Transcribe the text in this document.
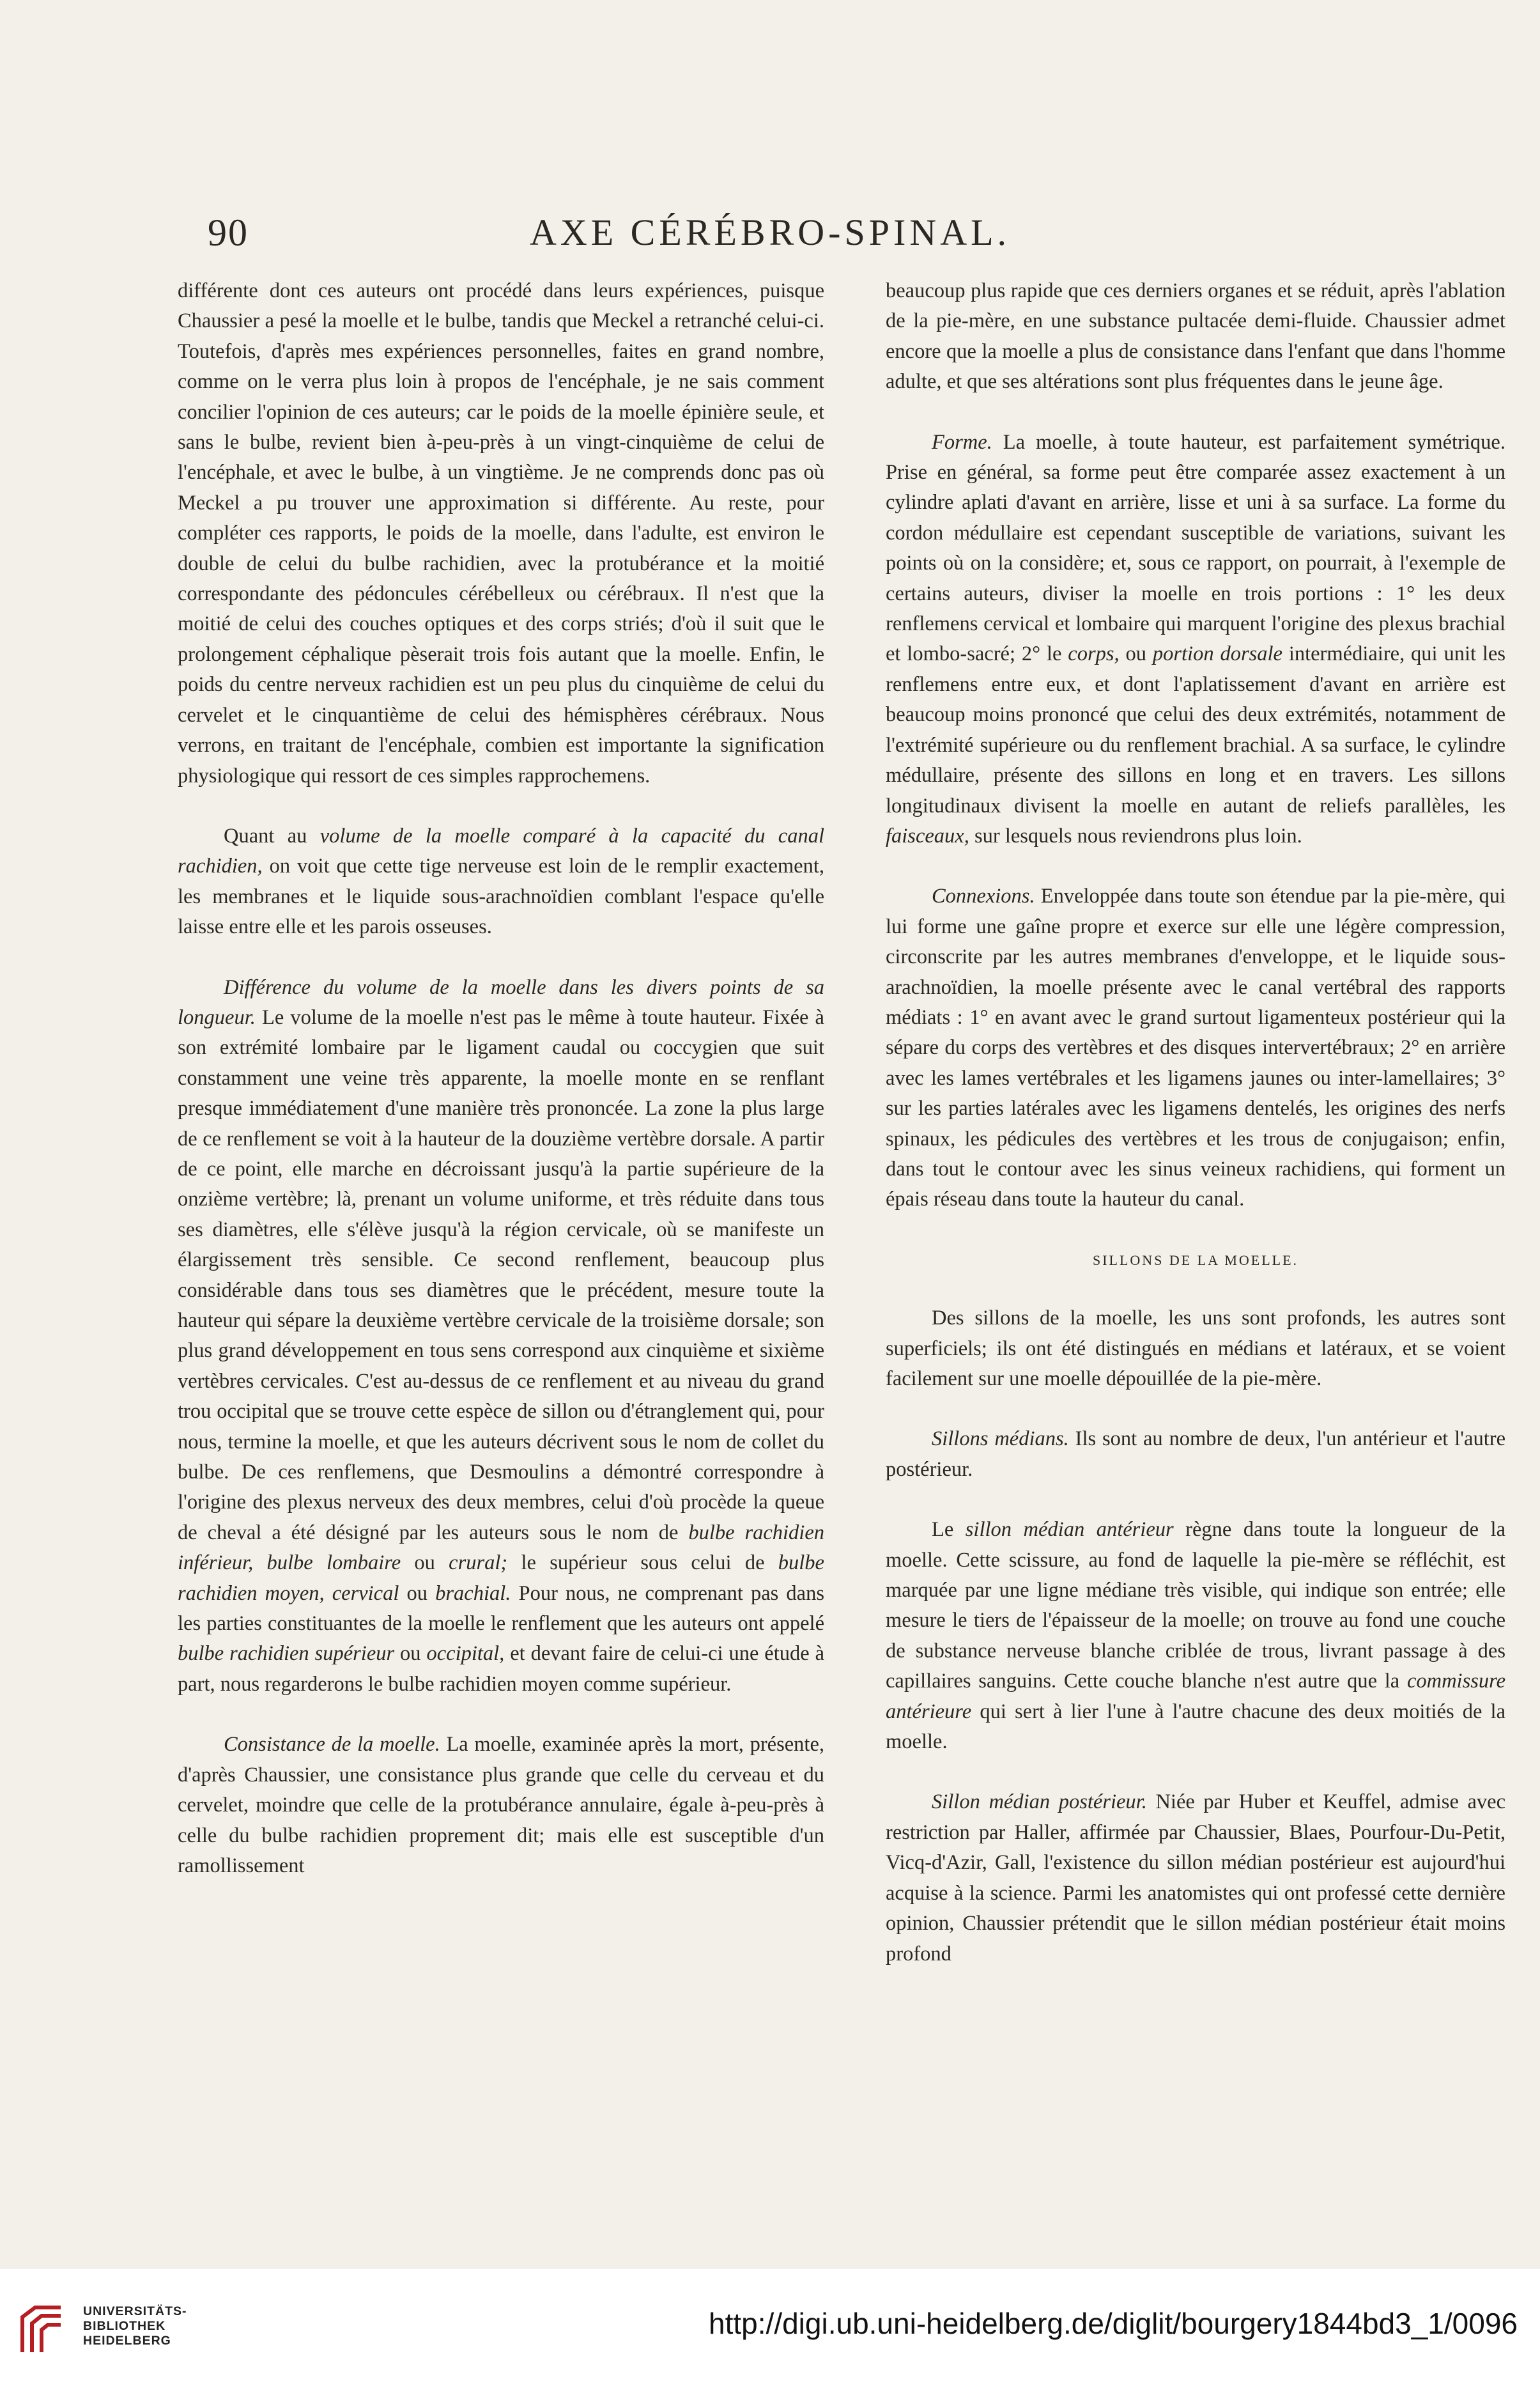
90	AXE CÉRÉBRO-SPINAL.

différente dont ces auteurs ont procédé dans leurs expériences, puisque Chaussier a pesé la moelle et le bulbe, tandis que Meckel a retranché celui-ci. Toutefois, d'après mes expériences personnelles, faites en grand nombre, comme on le verra plus loin à propos de l'encéphale, je ne sais comment concilier l'opinion de ces auteurs; car le poids de la moelle épinière seule, et sans le bulbe, revient bien à-peu-près à un vingt-cinquième de celui de l'encéphale, et avec le bulbe, à un vingtième. Je ne comprends donc pas où Meckel a pu trouver une approximation si différente. Au reste, pour compléter ces rapports, le poids de la moelle, dans l'adulte, est environ le double de celui du bulbe rachidien, avec la protubérance et la moitié correspondante des pédoncules cérébelleux ou cérébraux. Il n'est que la moitié de celui des couches optiques et des corps striés; d'où il suit que le prolongement céphalique pèserait trois fois autant que la moelle. Enfin, le poids du centre nerveux rachidien est un peu plus du cinquième de celui du cervelet et le cinquantième de celui des hémisphères cérébraux. Nous verrons, en traitant de l'encéphale, combien est importante la signification physiologique qui ressort de ces simples rapprochemens.

Quant au volume de la moelle comparé à la capacité du canal rachidien, on voit que cette tige nerveuse est loin de le remplir exactement, les membranes et le liquide sous-arachnoïdien comblant l'espace qu'elle laisse entre elle et les parois osseuses.

Différence du volume de la moelle dans les divers points de sa longueur. Le volume de la moelle n'est pas le même à toute hauteur. Fixée à son extrémité lombaire par le ligament caudal ou coccygien que suit constamment une veine très apparente, la moelle monte en se renflant presque immédiatement d'une manière très prononcée. La zone la plus large de ce renflement se voit à la hauteur de la douzième vertèbre dorsale. A partir de ce point, elle marche en décroissant jusqu'à la partie supérieure de la onzième vertèbre; là, prenant un volume uniforme, et très réduite dans tous ses diamètres, elle s'élève jusqu'à la région cervicale, où se manifeste un élargissement très sensible. Ce second renflement, beaucoup plus considérable dans tous ses diamètres que le précédent, mesure toute la hauteur qui sépare la deuxième vertèbre cervicale de la troisième dorsale; son plus grand développement en tous sens correspond aux cinquième et sixième vertèbres cervicales. C'est au-dessus de ce renflement et au niveau du grand trou occipital que se trouve cette espèce de sillon ou d'étranglement qui, pour nous, termine la moelle, et que les auteurs décrivent sous le nom de collet du bulbe. De ces renflemens, que Desmoulins a démontré correspondre à l'origine des plexus nerveux des deux membres, celui d'où procède la queue de cheval a été désigné par les auteurs sous le nom de bulbe rachidien inférieur, bulbe lombaire ou crural; le supérieur sous celui de bulbe rachidien moyen, cervical ou brachial. Pour nous, ne comprenant pas dans les parties constituantes de la moelle le renflement que les auteurs ont appelé bulbe rachidien supérieur ou occipital, et devant faire de celui-ci une étude à part, nous regarderons le bulbe rachidien moyen comme supérieur.

Consistance de la moelle. La moelle, examinée après la mort, présente, d'après Chaussier, une consistance plus grande que celle du cerveau et du cervelet, moindre que celle de la protubérance annulaire, égale à-peu-près à celle du bulbe rachidien proprement dit; mais elle est susceptible d'un ramollissement

beaucoup plus rapide que ces derniers organes et se réduit, après l'ablation de la pie-mère, en une substance pultacée demi-fluide. Chaussier admet encore que la moelle a plus de consistance dans l'enfant que dans l'homme adulte, et que ses altérations sont plus fréquentes dans le jeune âge.

Forme. La moelle, à toute hauteur, est parfaitement symétrique. Prise en général, sa forme peut être comparée assez exactement à un cylindre aplati d'avant en arrière, lisse et uni à sa surface. La forme du cordon médullaire est cependant susceptible de variations, suivant les points où on la considère; et, sous ce rapport, on pourrait, à l'exemple de certains auteurs, diviser la moelle en trois portions : 1° les deux renflemens cervical et lombaire qui marquent l'origine des plexus brachial et lombo-sacré; 2° le corps, ou portion dorsale intermédiaire, qui unit les renflemens entre eux, et dont l'aplatissement d'avant en arrière est beaucoup moins prononcé que celui des deux extrémités, notamment de l'extrémité supérieure ou du renflement brachial. A sa surface, le cylindre médullaire, présente des sillons en long et en travers. Les sillons longitudinaux divisent la moelle en autant de reliefs parallèles, les faisceaux, sur lesquels nous reviendrons plus loin.

Connexions. Enveloppée dans toute son étendue par la pie-mère, qui lui forme une gaîne propre et exerce sur elle une légère compression, circonscrite par les autres membranes d'enveloppe, et le liquide sous-arachnoïdien, la moelle présente avec le canal vertébral des rapports médiats : 1° en avant avec le grand surtout ligamenteux postérieur qui la sépare du corps des vertèbres et des disques intervertébraux; 2° en arrière avec les lames vertébrales et les ligamens jaunes ou inter-lamellaires; 3° sur les parties latérales avec les ligamens dentelés, les origines des nerfs spinaux, les pédicules des vertèbres et les trous de conjugaison; enfin, dans tout le contour avec les sinus veineux rachidiens, qui forment un épais réseau dans toute la hauteur du canal.

SILLONS DE LA MOELLE.

Des sillons de la moelle, les uns sont profonds, les autres sont superficiels; ils ont été distingués en médians et latéraux, et se voient facilement sur une moelle dépouillée de la pie-mère.

Sillons médians. Ils sont au nombre de deux, l'un antérieur et l'autre postérieur.

Le sillon médian antérieur règne dans toute la longueur de la moelle. Cette scissure, au fond de laquelle la pie-mère se réfléchit, est marquée par une ligne médiane très visible, qui indique son entrée; elle mesure le tiers de l'épaisseur de la moelle; on trouve au fond une couche de substance nerveuse blanche criblée de trous, livrant passage à des capillaires sanguins. Cette couche blanche n'est autre que la commissure antérieure qui sert à lier l'une à l'autre chacune des deux moitiés de la moelle.

Sillon médian postérieur. Niée par Huber et Keuffel, admise avec restriction par Haller, affirmée par Chaussier, Blaes, Pourfour-Du-Petit, Vicq-d'Azir, Gall, l'existence du sillon médian postérieur est aujourd'hui acquise à la science. Parmi les anatomistes qui ont professé cette dernière opinion, Chaussier prétendit que le sillon médian postérieur était moins profond

UNIVERSITÄTS-
BIBLIOTHEK
HEIDELBERG
http://digi.ub.uni-heidelberg.de/diglit/bourgery1844bd3_1/0096
